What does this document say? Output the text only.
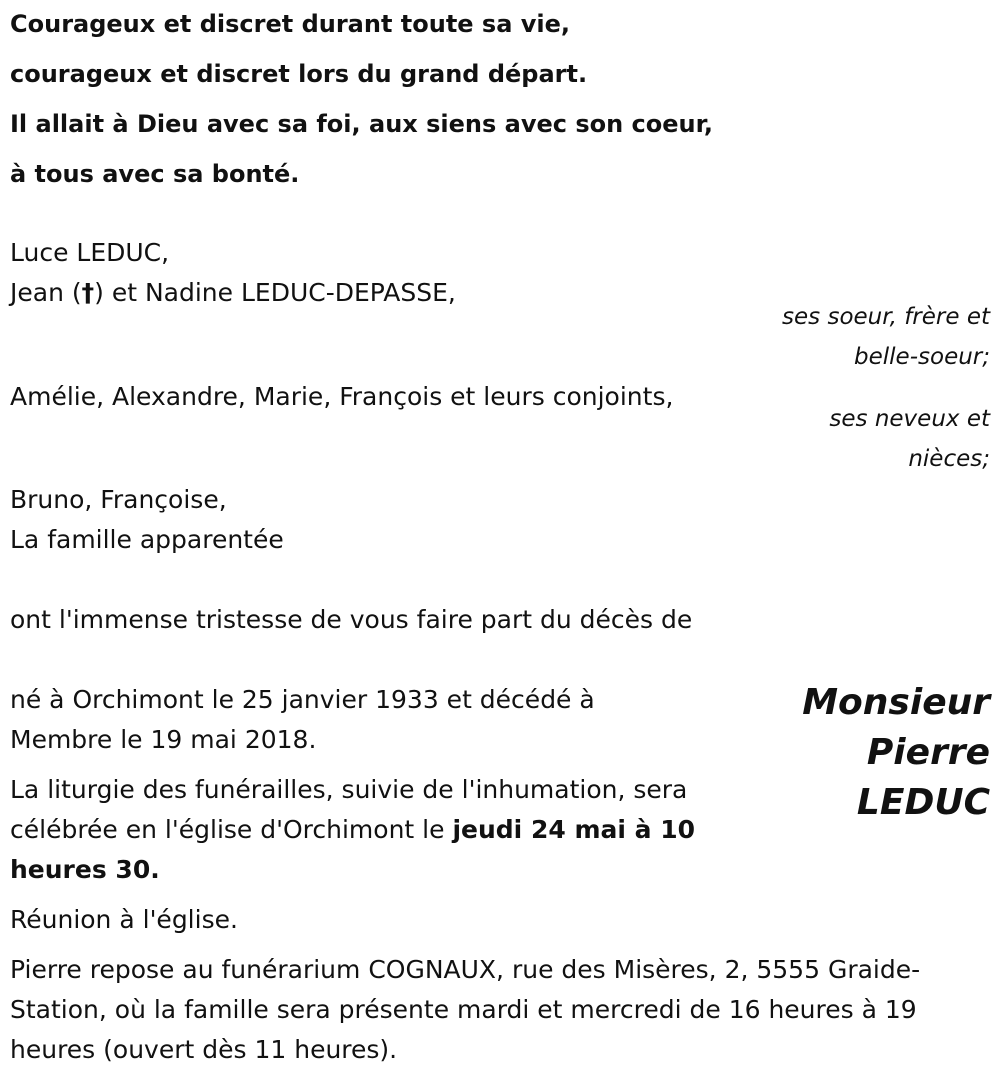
Courageux et discret durant toute sa vie,
courageux et discret lors du grand départ.
Il allait à Dieu avec sa foi, aux siens avec son coeur,
à tous avec sa bonté.
Luce LEDUC,
Jean (†) et Nadine LEDUC-DEPASSE,
ses soeur, frère et
belle-soeur;
Amélie, Alexandre, Marie, François et leurs conjoints,
ses neveux et
nièces;
Bruno, Françoise,
La famille apparentée
ont l'immense tristesse de vous faire part du décès de
Monsieur
Pierre
LEDUC
né à Orchimont le 25 janvier 1933 et décédé à
Membre le 19 mai 2018.
La liturgie des funérailles, suivie de l'inhumation, sera
célébrée en l'église d'Orchimont le jeudi 24 mai à 10
heures 30.
Réunion à l'église.
Pierre repose au funérarium COGNAUX, rue des Misères, 2, 5555 Graide-
Station, où la famille sera présente mardi et mercredi de 16 heures à 19
heures (ouvert dès 11 heures).
